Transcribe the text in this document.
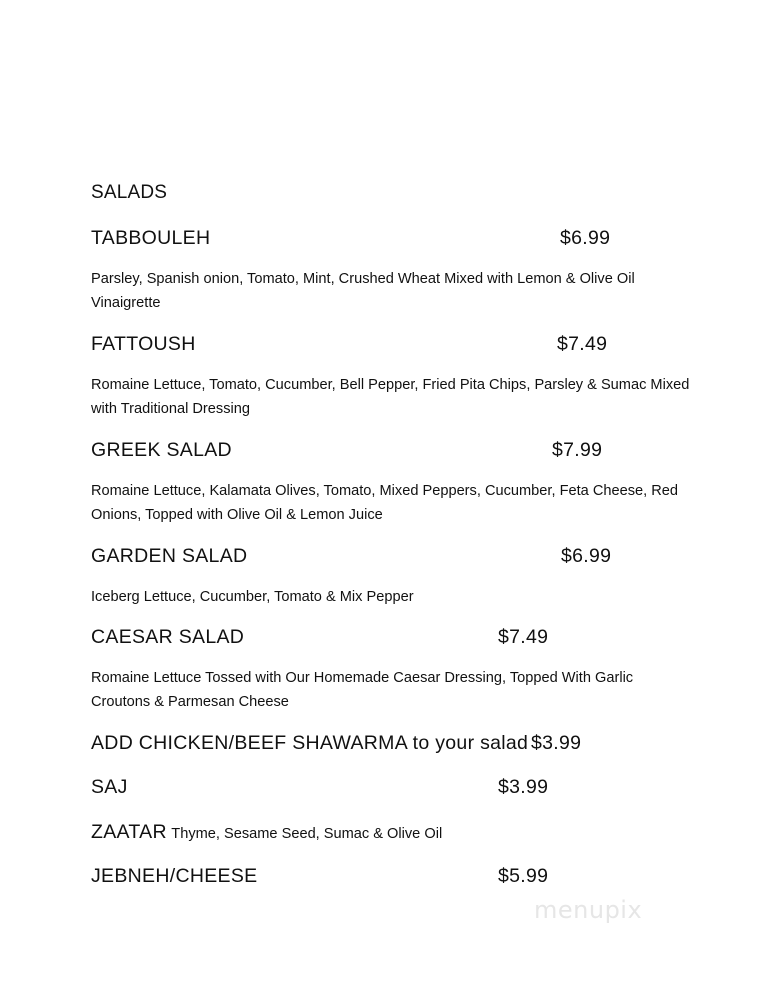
SALADS
TABBOULEH	$6.99
Parsley, Spanish onion, Tomato, Mint, Crushed Wheat Mixed with Lemon & Olive Oil Vinaigrette
FATTOUSH	$7.49
Romaine Lettuce, Tomato, Cucumber, Bell Pepper, Fried Pita Chips, Parsley & Sumac Mixed with Traditional Dressing
GREEK SALAD	$7.99
Romaine Lettuce, Kalamata Olives, Tomato, Mixed Peppers, Cucumber, Feta Cheese, Red Onions, Topped with Olive Oil & Lemon Juice
GARDEN SALAD	$6.99
Iceberg Lettuce, Cucumber, Tomato & Mix Pepper
CAESAR SALAD	$7.49
Romaine Lettuce Tossed with Our Homemade Caesar Dressing, Topped With Garlic Croutons & Parmesan Cheese
ADD CHICKEN/BEEF SHAWARMA to your salad $3.99
SAJ	$3.99
ZAATAR Thyme, Sesame Seed, Sumac & Olive Oil
JEBNEH/CHEESE	$5.99
menupix
